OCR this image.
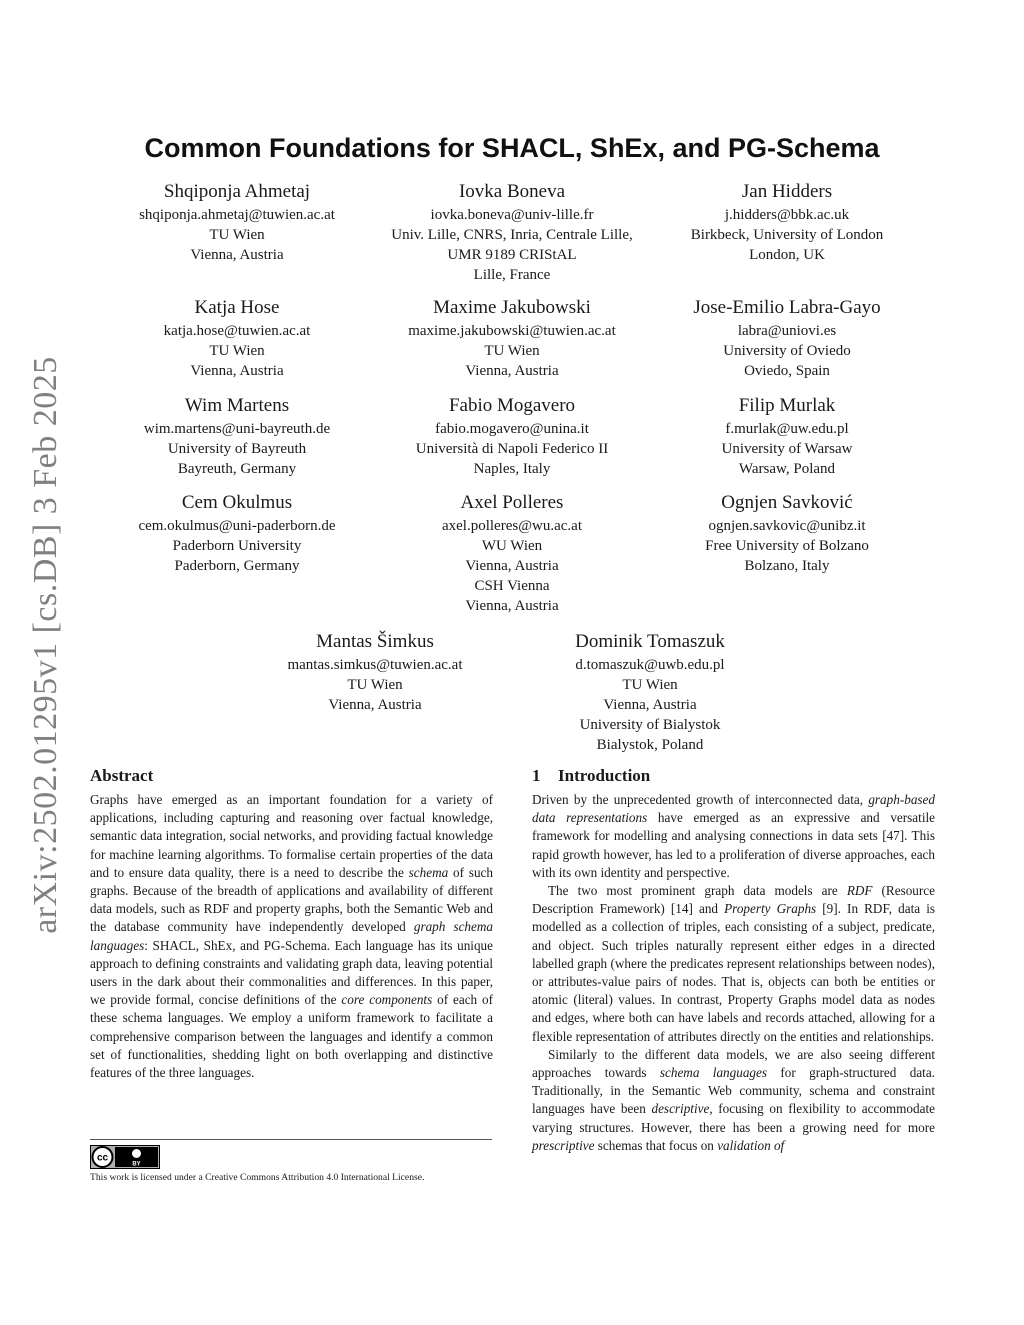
arXiv:2502.01295v1 [cs.DB] 3 Feb 2025
Common Foundations for SHACL, ShEx, and PG-Schema
Shqiponja Ahmetaj
shqiponja.ahmetaj@tuwien.ac.at
TU Wien
Vienna, Austria
Iovka Boneva
iovka.boneva@univ-lille.fr
Univ. Lille, CNRS, Inria, Centrale Lille,
UMR 9189 CRIStAL
Lille, France
Jan Hidders
j.hidders@bbk.ac.uk
Birkbeck, University of London
London, UK
Katja Hose
katja.hose@tuwien.ac.at
TU Wien
Vienna, Austria
Maxime Jakubowski
maxime.jakubowski@tuwien.ac.at
TU Wien
Vienna, Austria
Jose-Emilio Labra-Gayo
labra@uniovi.es
University of Oviedo
Oviedo, Spain
Wim Martens
wim.martens@uni-bayreuth.de
University of Bayreuth
Bayreuth, Germany
Fabio Mogavero
fabio.mogavero@unina.it
Università di Napoli Federico II
Naples, Italy
Filip Murlak
f.murlak@uw.edu.pl
University of Warsaw
Warsaw, Poland
Cem Okulmus
cem.okulmus@uni-paderborn.de
Paderborn University
Paderborn, Germany
Axel Polleres
axel.polleres@wu.ac.at
WU Wien
Vienna, Austria
CSH Vienna
Vienna, Austria
Ognjen Savković
ognjen.savkovic@unibz.it
Free University of Bolzano
Bolzano, Italy
Mantas Šimkus
mantas.simkus@tuwien.ac.at
TU Wien
Vienna, Austria
Dominik Tomaszuk
d.tomaszuk@uwb.edu.pl
TU Wien
Vienna, Austria
University of Bialystok
Bialystok, Poland
Abstract

Graphs have emerged as an important foundation for a variety of applications, including capturing and reasoning over factual knowledge, semantic data integration, social networks, and providing factual knowledge for machine learning algorithms. To formalise certain properties of the data and to ensure data quality, there is a need to describe the schema of such graphs. Because of the breadth of applications and availability of different data models, such as RDF and property graphs, both the Semantic Web and the database community have independently developed graph schema languages: SHACL, ShEx, and PG-Schema. Each language has its unique approach to defining constraints and validating graph data, leaving potential users in the dark about their commonalities and differences. In this paper, we provide formal, concise definitions of the core components of each of these schema languages. We employ a uniform framework to facilitate a comprehensive comparison between the languages and identify a common set of functionalities, shedding light on both overlapping and distinctive features of the three languages.

cc
BY
This work is licensed under a Creative Commons Attribution 4.0 International License.
1 Introduction

Driven by the unprecedented growth of interconnected data, graph-based data representations have emerged as an expressive and versatile framework for modelling and analysing connections in data sets [47]. This rapid growth however, has led to a proliferation of diverse approaches, each with its own identity and perspective.

The two most prominent graph data models are RDF (Resource Description Framework) [14] and Property Graphs [9]. In RDF, data is modelled as a collection of triples, each consisting of a subject, predicate, and object. Such triples naturally represent either edges in a directed labelled graph (where the predicates represent relationships between nodes), or attributes-value pairs of nodes. That is, objects can both be entities or atomic (literal) values. In contrast, Property Graphs model data as nodes and edges, where both can have labels and records attached, allowing for a flexible representation of attributes directly on the entities and relationships.

Similarly to the different data models, we are also seeing different approaches towards schema languages for graph-structured data. Traditionally, in the Semantic Web community, schema and constraint languages have been descriptive, focusing on flexibility to accommodate varying structures. However, there has been a growing need for more prescriptive schemas that focus on validation of
